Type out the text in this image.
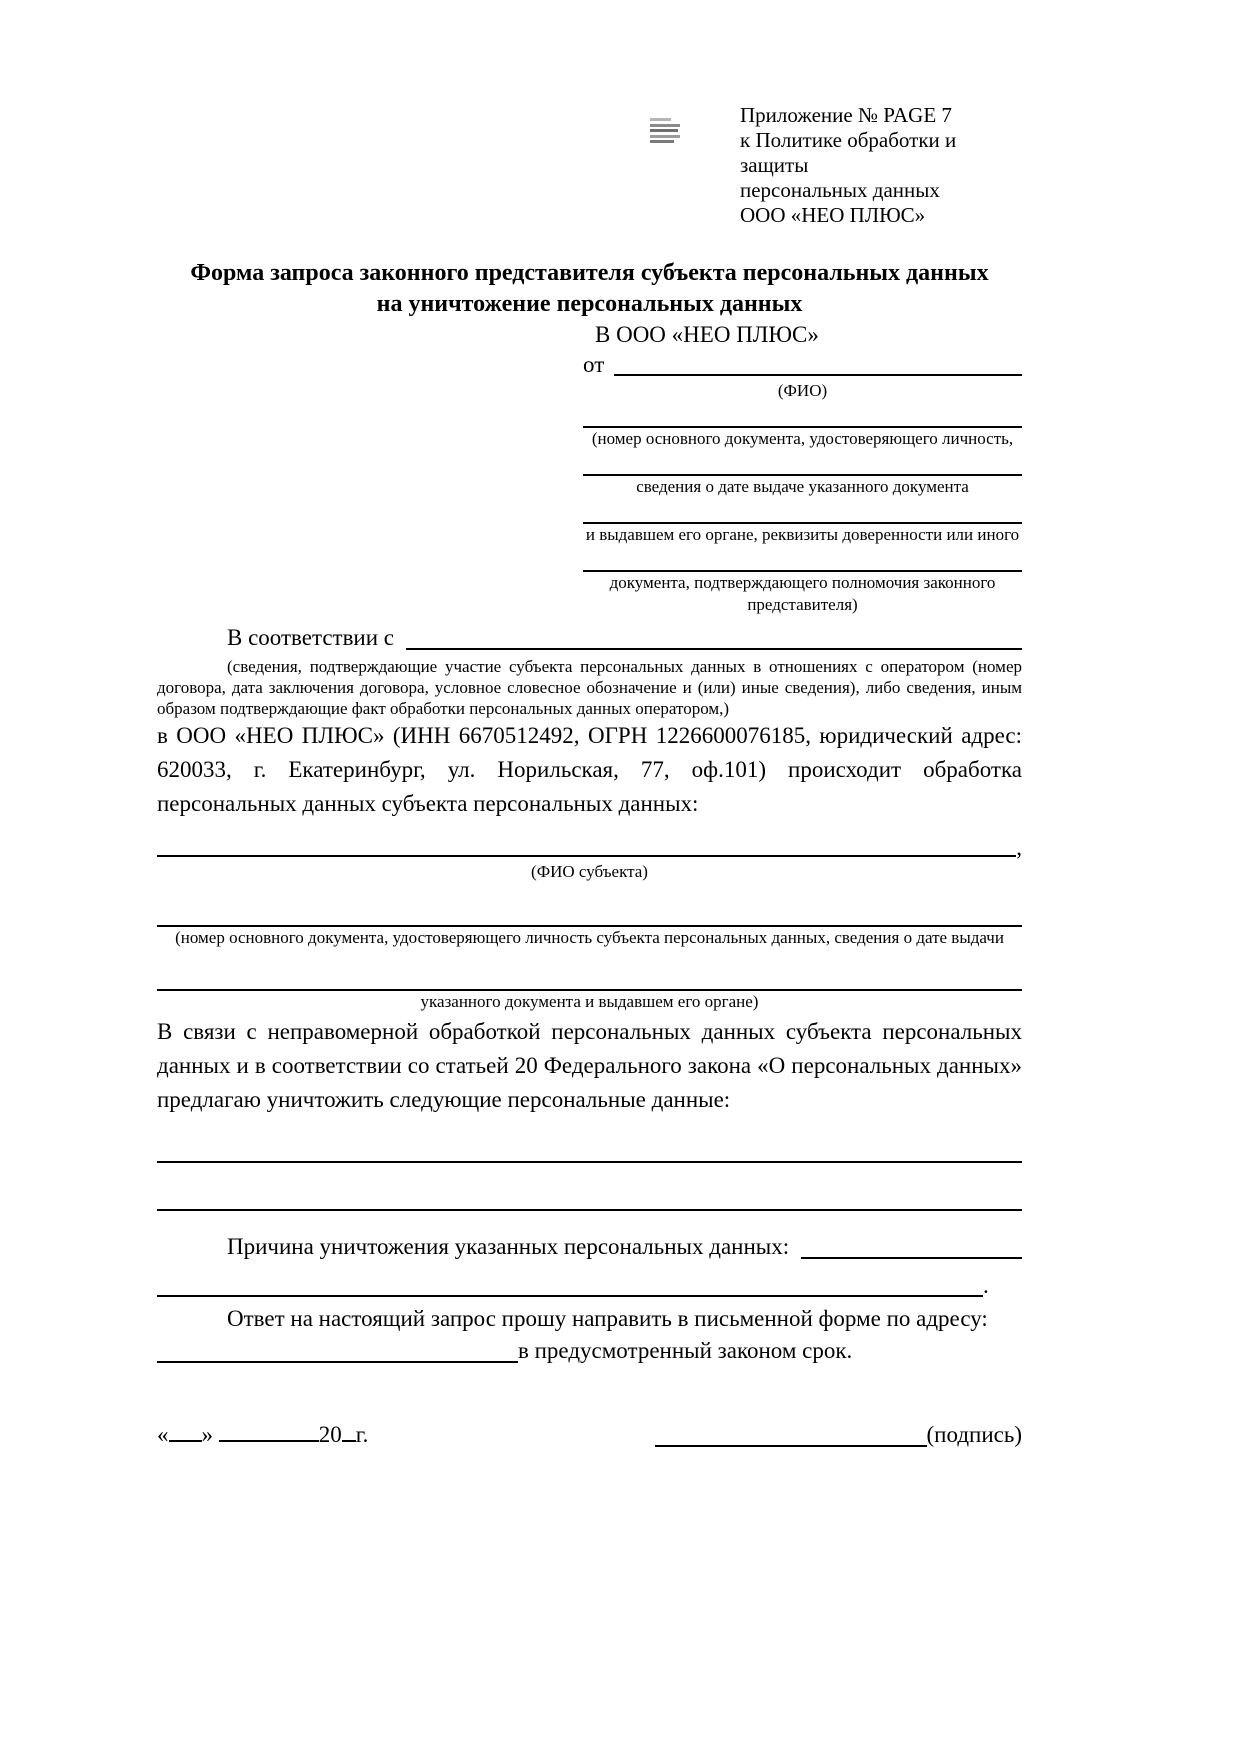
Приложение № PAGE 7
к Политике обработки и защиты
персональных данных
ООО «НЕО ПЛЮС»
Форма запроса законного представителя субъекта персональных данных
на уничтожение персональных данных
В ООО «НЕО ПЛЮС»
от
(ФИО)
(номер основного документа, удостоверяющего личность,
сведения о дате выдаче указанного документа
и выдавшем его органе, реквизиты доверенности или иного
документа, подтверждающего полномочия законного представителя)
В соответствии с

(сведения, подтверждающие участие субъекта персональных данных в отношениях с оператором (номер договора, дата заключения договора, условное словесное обозначение и (или) иные сведения), либо сведения, иным образом подтверждающие факт обработки персональных данных оператором,)

в ООО «НЕО ПЛЮС» (ИНН 6670512492, ОГРН 1226600076185, юридический адрес: 620033, г. Екатеринбург, ул. Норильская, 77, оф.101) происходит обработка персональных данных субъекта персональных данных:

,
(ФИО субъекта)
(номер основного документа, удостоверяющего личность субъекта персональных данных, сведения о дате выдачи
указанного документа и выдавшем его органе)

В связи с неправомерной обработкой персональных данных субъекта персональных данных и в соответствии со статьей 20 Федерального закона «О персональных данных» предлагаю уничтожить следующие персональные данные:

Причина уничтожения указанных персональных данных:
.

Ответ на настоящий запрос прошу направить в письменной форме по адресу:

в предусмотренный законом срок.
« »	20 г.	(подпись)
